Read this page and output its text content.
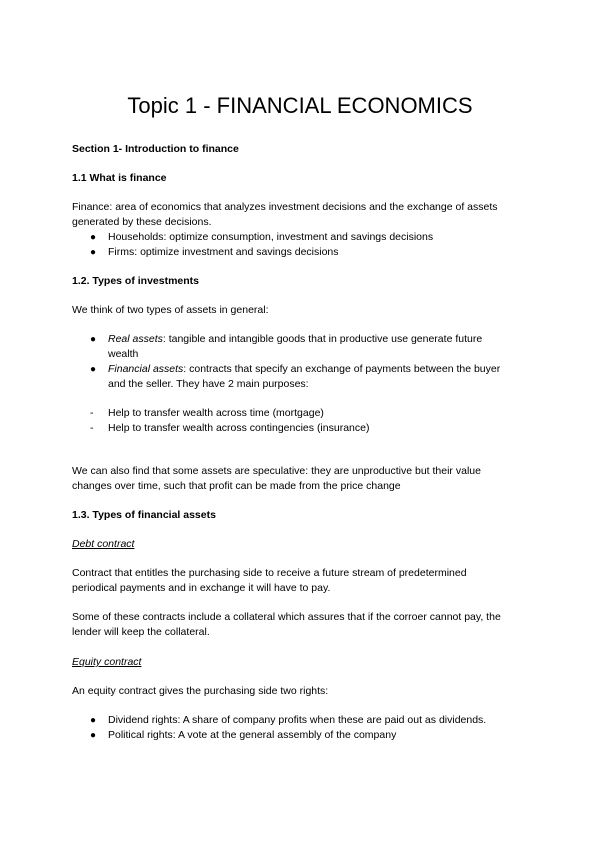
Topic 1 - FINANCIAL ECONOMICS
Section 1- Introduction to finance
1.1 What is finance
Finance: area of economics that analyzes investment decisions and the exchange of assets
generated by these decisions.
● Households: optimize consumption, investment and savings decisions
● Firms: optimize investment and savings decisions
1.2. Types of investments
We think of two types of assets in general:
● Real assets: tangible and intangible goods that in productive use generate future
wealth
● Financial assets: contracts that specify an exchange of payments between the buyer
and the seller. They have 2 main purposes:
- Help to transfer wealth across time (mortgage)
- Help to transfer wealth across contingencies (insurance)
We can also find that some assets are speculative: they are unproductive but their value
changes over time, such that profit can be made from the price change
1.3. Types of financial assets
Debt contract
Contract that entitles the purchasing side to receive a future stream of predetermined
periodical payments and in exchange it will have to pay.
Some of these contracts include a collateral which assures that if the corroer cannot pay, the
lender will keep the collateral.
Equity contract
An equity contract gives the purchasing side two rights:
● Dividend rights: A share of company profits when these are paid out as dividends.
● Political rights: A vote at the general assembly of the company
